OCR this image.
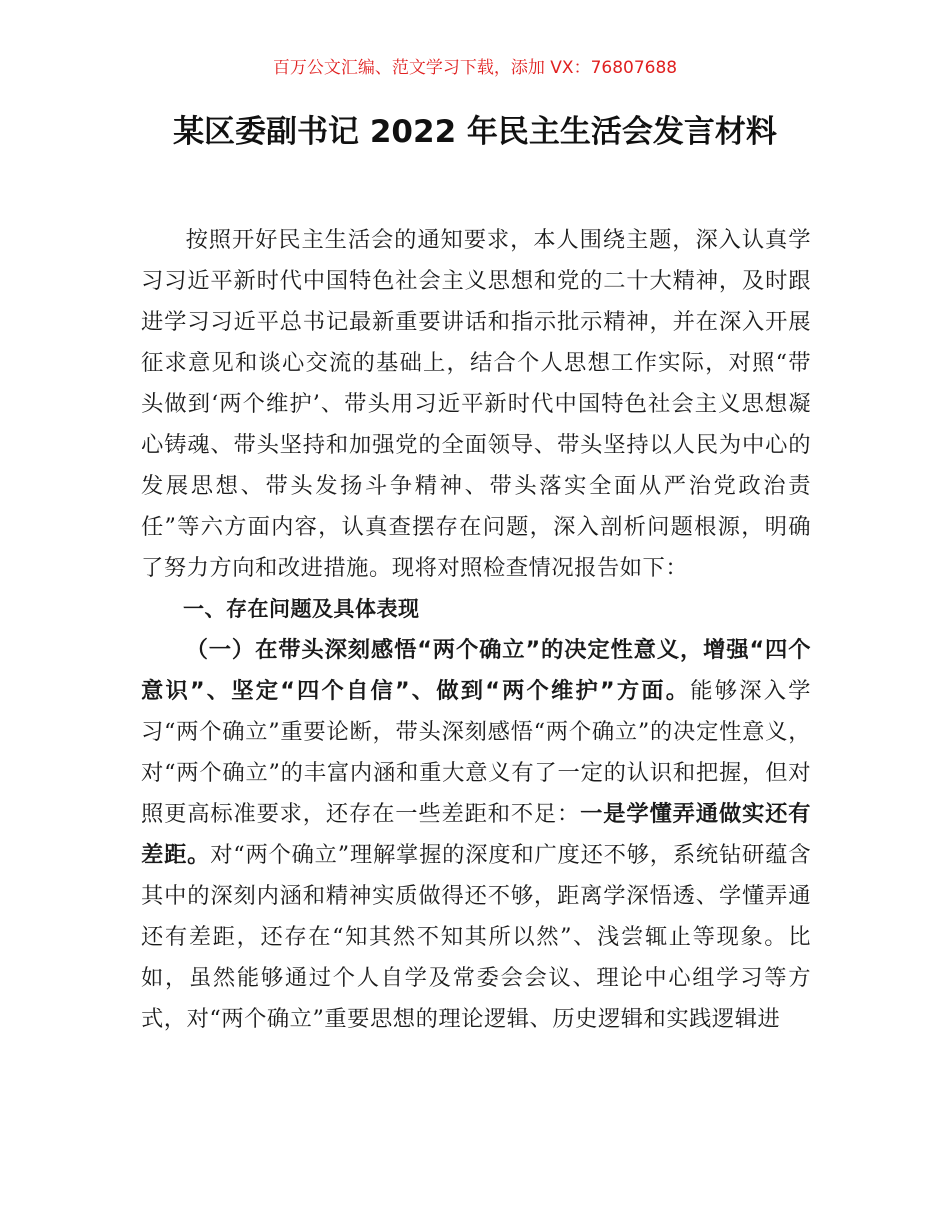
百万公文汇编、范文学习下载，添加 VX：76807688
某区委副书记 2022 年民主生活会发言材料

按照开好民主生活会的通知要求，本人围绕主题，深入认真学习习近平新时代中国特色社会主义思想和党的二十大精神，及时跟进学习习近平总书记最新重要讲话和指示批示精神，并在深入开展征求意见和谈心交流的基础上，结合个人思想工作实际，对照“带头做到‘两个维护’、带头用习近平新时代中国特色社会主义思想凝心铸魂、带头坚持和加强党的全面领导、带头坚持以人民为中心的发展思想、带头发扬斗争精神、带头落实全面从严治党政治责任”等六方面内容，认真查摆存在问题，深入剖析问题根源，明确了努力方向和改进措施。现将对照检查情况报告如下：

一、存在问题及具体表现

（一）在带头深刻感悟“两个确立”的决定性意义，增强“四个意识”、坚定“四个自信”、做到“两个维护”方面。能够深入学习“两个确立”重要论断，带头深刻感悟“两个确立”的决定性意义，对“两个确立”的丰富内涵和重大意义有了一定的认识和把握，但对照更高标准要求，还存在一些差距和不足：一是学懂弄通做实还有差距。对“两个确立”理解掌握的深度和广度还不够，系统钻研蕴含其中的深刻内涵和精神实质做得还不够，距离学深悟透、学懂弄通还有差距，还存在“知其然不知其所以然”、浅尝辄止等现象。比如，虽然能够通过个人自学及常委会会议、理论中心组学习等方式，对“两个确立”重要思想的理论逻辑、历史逻辑和实践逻辑进
